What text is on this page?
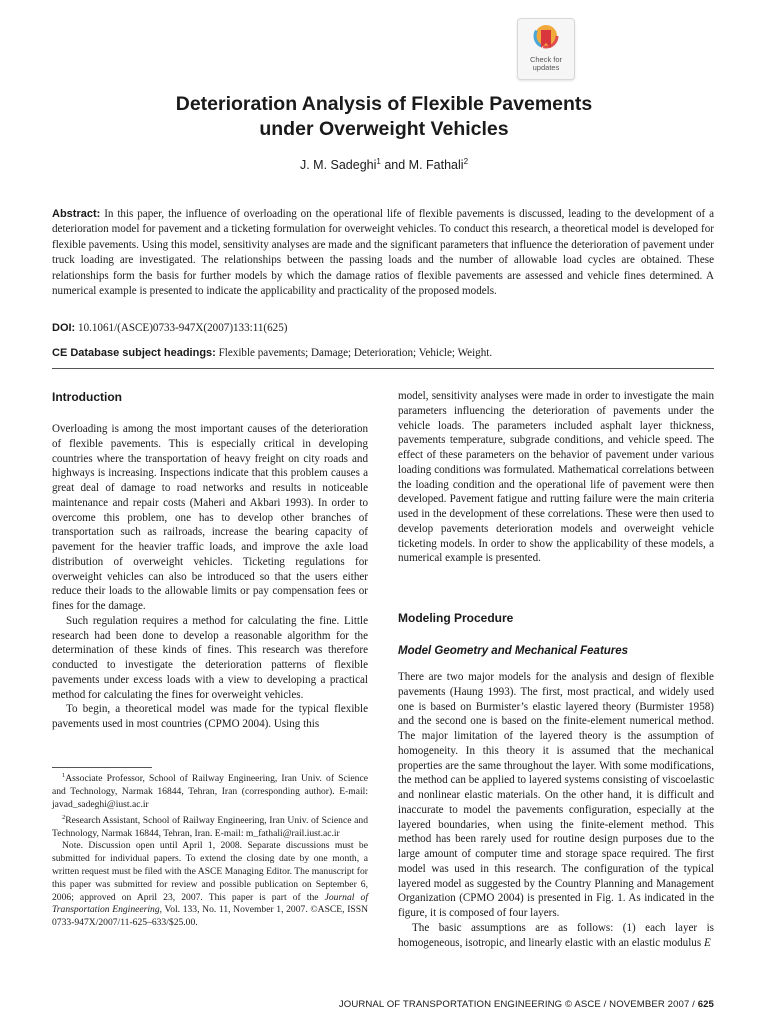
Check for
updates
Deterioration Analysis of Flexible Pavements
under Overweight Vehicles
J. M. Sadeghi$^1$ and M. Fathali$^2$
Abstract: In this paper, the influence of overloading on the operational life of flexible pavements is discussed, leading to the development of a deterioration model for pavement and a ticketing formulation for overweight vehicles. To conduct this research, a theoretical model is developed for flexible pavements. Using this model, sensitivity analyses are made and the significant parameters that influence the deterioration of pavement under truck loading are investigated. The relationships between the passing loads and the number of allowable load cycles are obtained. These relationships form the basis for further models by which the damage ratios of flexible pavements are assessed and vehicle fines determined. A numerical example is presented to indicate the applicability and practicality of the proposed models.
DOI: 10.1061/(ASCE)0733-947X(2007)133:11(625)
CE Database subject headings: Flexible pavements; Damage; Deterioration; Vehicle; Weight.
Introduction

Overloading is among the most important causes of the deterioration of flexible pavements. This is especially critical in developing countries where the transportation of heavy freight on city roads and highways is increasing. Inspections indicate that this problem causes a great deal of damage to road networks and results in noticeable maintenance and repair costs (Maheri and Akbari 1993). In order to overcome this problem, one has to develop other branches of transportation such as railroads, increase the bearing capacity of pavement for the heavier traffic loads, and improve the axle load distribution of overweight vehicles. Ticketing regulations for overweight vehicles can also be introduced so that the users either reduce their loads to the allowable limits or pay compensation fees or fines for the damage.

Such regulation requires a method for calculating the fine. Little research had been done to develop a reasonable algorithm for the determination of these kinds of fines. This research was therefore conducted to investigate the deterioration patterns of flexible pavements under excess loads with a view to developing a practical method for calculating the fines for overweight vehicles.

To begin, a theoretical model was made for the typical flexible pavements used in most countries (CPMO 2004). Using this

$^1$Associate Professor, School of Railway Engineering, Iran Univ. of Science and Technology, Narmak 16844, Tehran, Iran (corresponding author). E-mail: javad_sadeghi@iust.ac.ir

$^2$Research Assistant, School of Railway Engineering, Iran Univ. of Science and Technology, Narmak 16844, Tehran, Iran. E-mail: m_fathali@rail.iust.ac.ir

Note. Discussion open until April 1, 2008. Separate discussions must be submitted for individual papers. To extend the closing date by one month, a written request must be filed with the ASCE Managing Editor. The manuscript for this paper was submitted for review and possible publication on September 6, 2006; approved on April 23, 2007. This paper is part of the Journal of Transportation Engineering, Vol. 133, No. 11, November 1, 2007. ©ASCE, ISSN 0733-947X/2007/11-625–633/$25.00.

model, sensitivity analyses were made in order to investigate the main parameters influencing the deterioration of pavements under the vehicle loads. The parameters included asphalt layer thickness, pavements temperature, subgrade conditions, and vehicle speed. The effect of these parameters on the behavior of pavement under various loading conditions was formulated. Mathematical correlations between the loading condition and the operational life of pavement were then developed. Pavement fatigue and rutting failure were the main criteria used in the development of these correlations. These were then used to develop pavements deterioration models and overweight vehicle ticketing models. In order to show the applicability of these models, a numerical example is presented.

Modeling Procedure
Model Geometry and Mechanical Features

There are two major models for the analysis and design of flexible pavements (Haung 1993). The first, most practical, and widely used one is based on Burmister’s elastic layered theory (Burmister 1958) and the second one is based on the finite-element numerical method. The major limitation of the layered theory is the assumption of homogeneity. In this theory it is assumed that the mechanical properties are the same throughout the layer. With some modifications, the method can be applied to layered systems consisting of viscoelastic and nonlinear elastic materials. On the other hand, it is difficult and inaccurate to model the pavements configuration, especially at the layered boundaries, when using the finite-element method. This method has been rarely used for routine design purposes due to the large amount of computer time and storage space required. The first model was used in this research. The configuration of the typical layered model as suggested by the Country Planning and Management Organization (CPMO 2004) is presented in Fig. 1. As indicated in the figure, it is composed of four layers.

The basic assumptions are as follows: (1) each layer is homogeneous, isotropic, and linearly elastic with an elastic modulus E

JOURNAL OF TRANSPORTATION ENGINEERING © ASCE / NOVEMBER 2007 / 625
